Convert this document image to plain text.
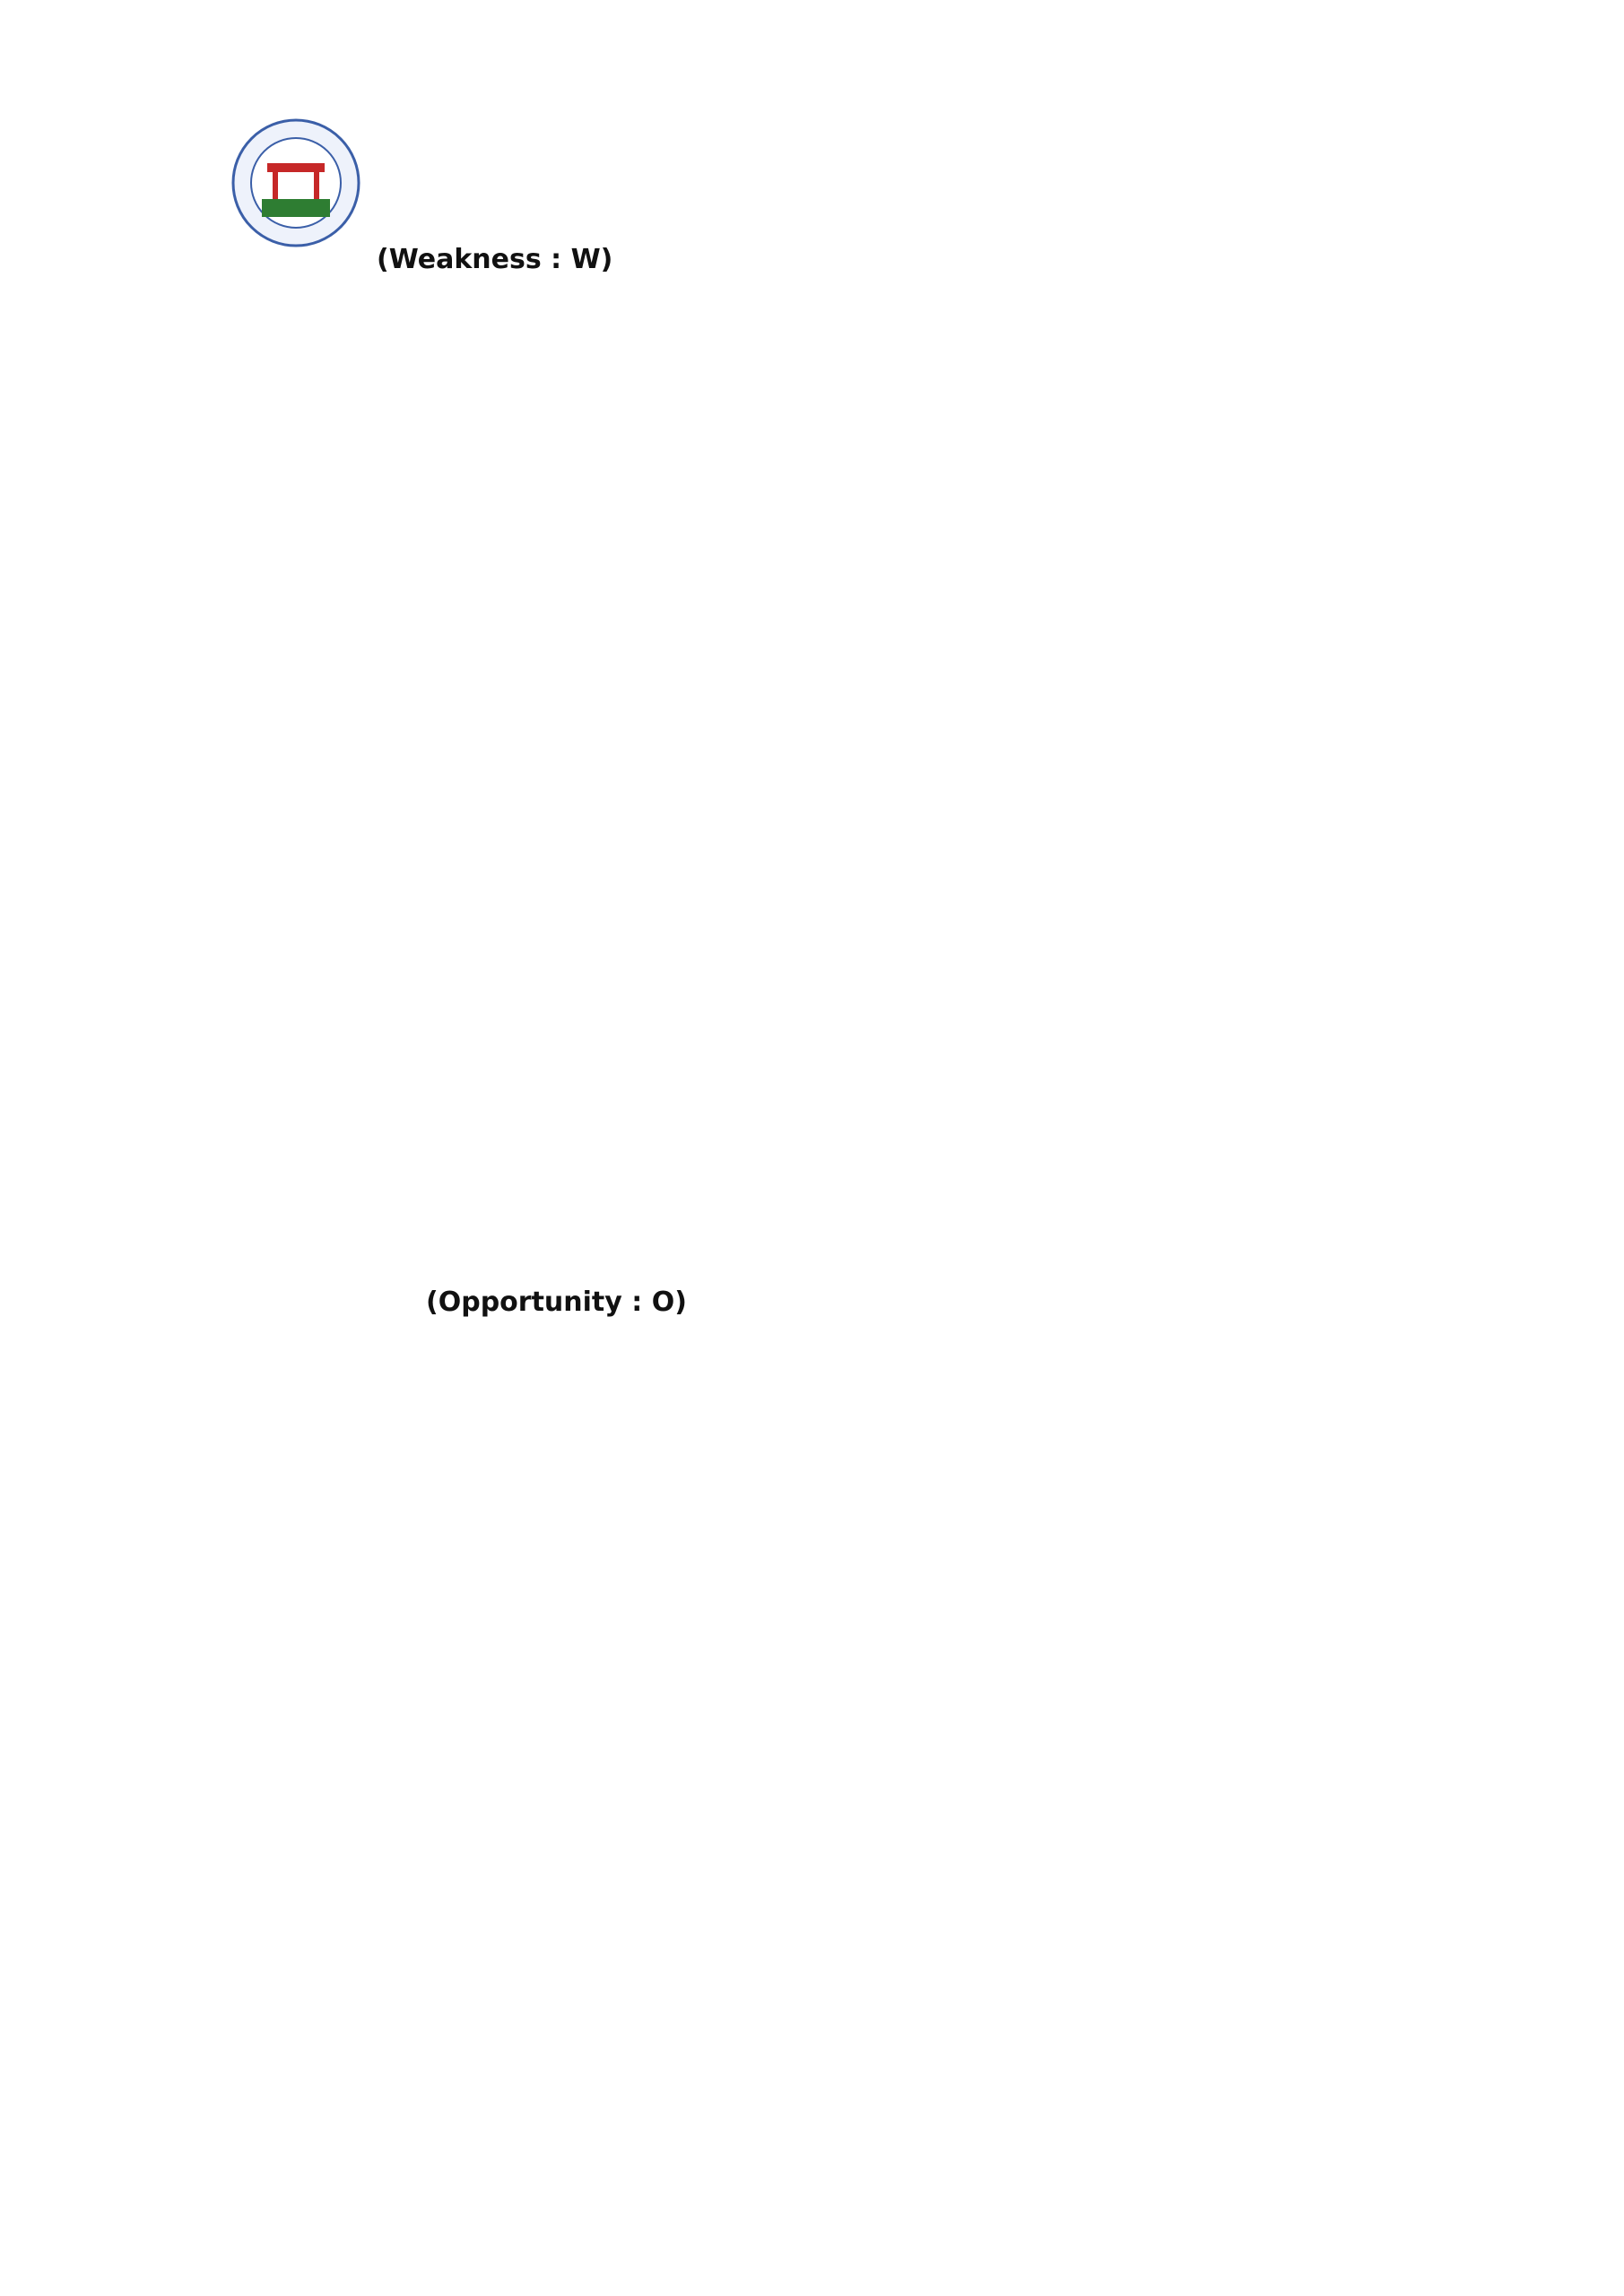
(Weakness : W)
(Opportunity : O)
